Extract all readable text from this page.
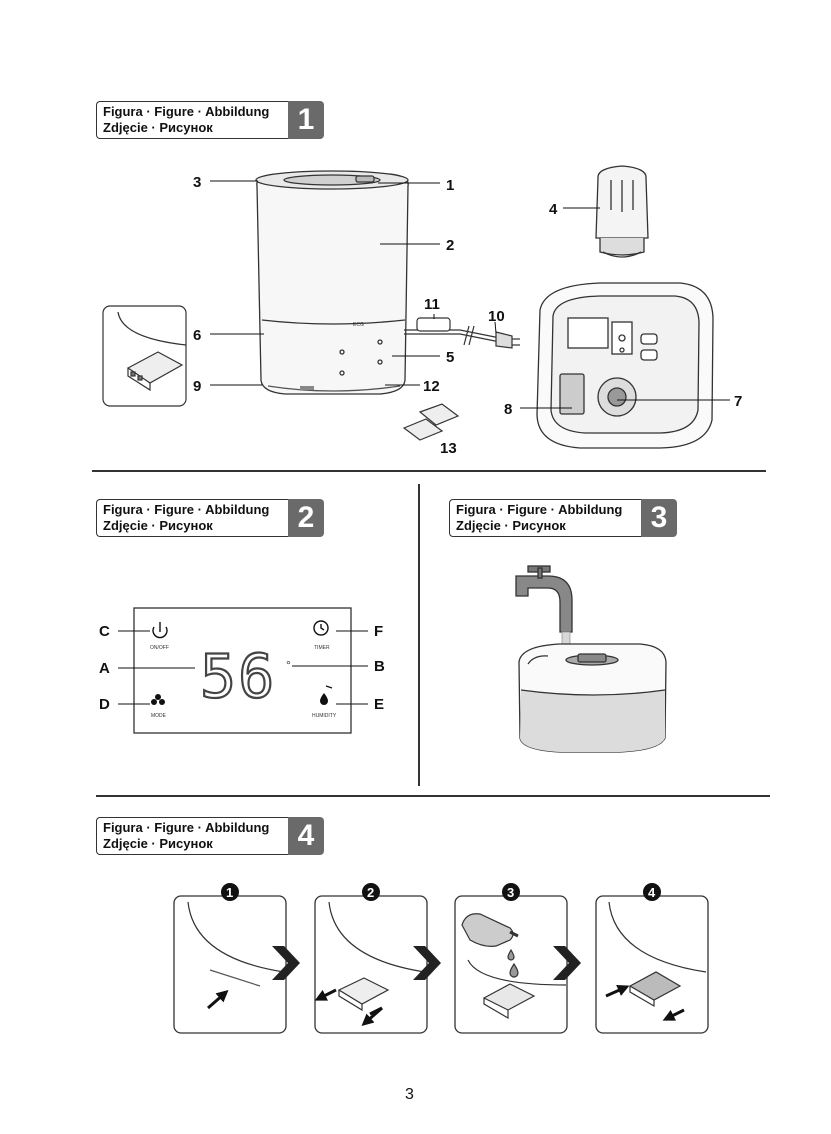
Figura · Figure · Abbildung
Zdjęcie · Рисунок	1
Figura · Figure · Abbildung
Zdjęcie · Рисунок	2	Figura · Figure · Abbildung
Zdjęcie · Рисунок	3
Figura · Figure · Abbildung
Zdjęcie · Рисунок	4
ECG
1
2
3
4
5
6
7
8
9
10
11
12
13
ON/OFF	TIMER
MODE	HUMIDITY
56 °
A	B
C
D	E
F
1	2	3	4
3
